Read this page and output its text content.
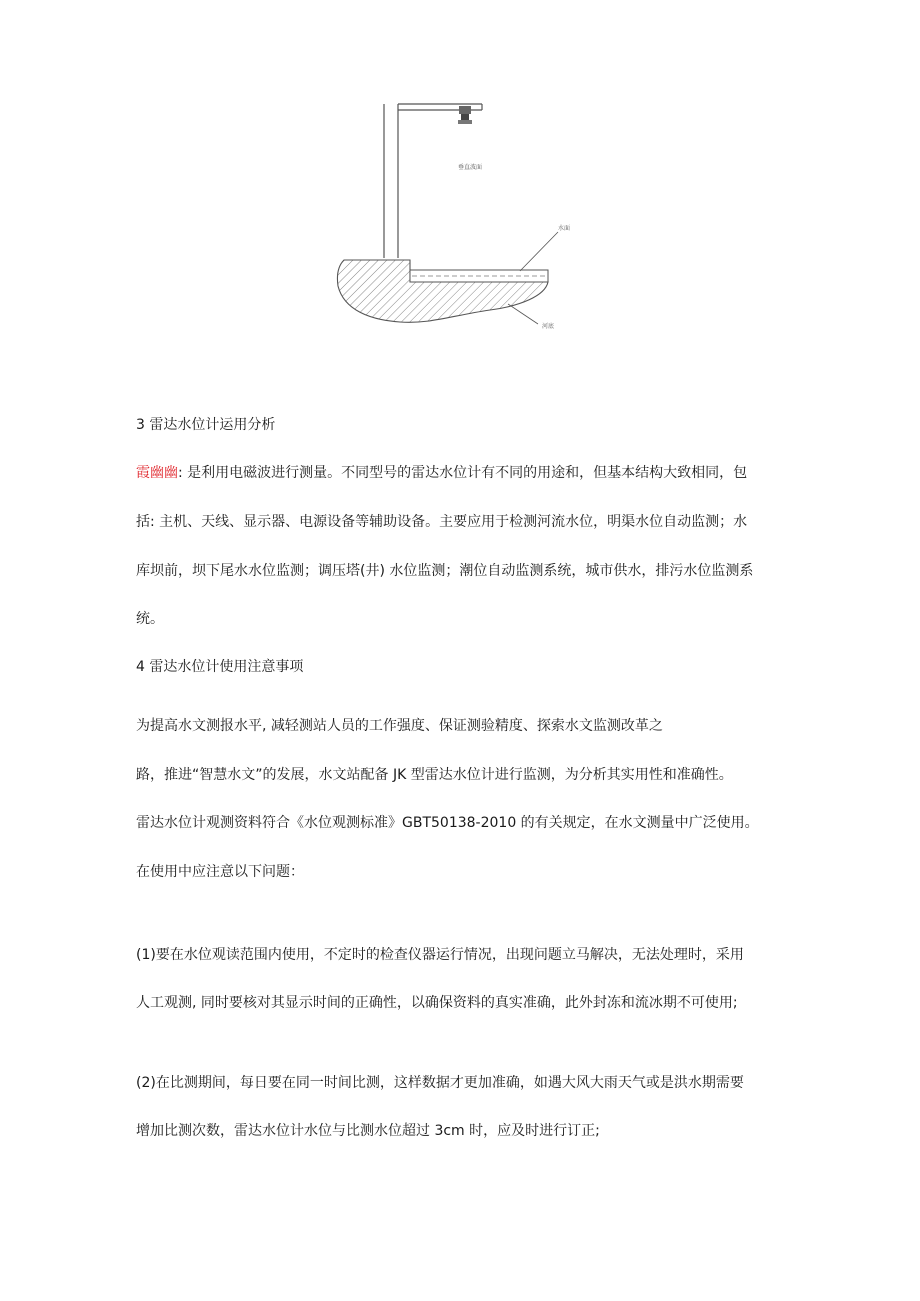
垂直波面
水面
河底
3 雷达水位计运用分析
霞幽幽: 是利用电磁波进行测量。不同型号的雷达水位计有不同的用途和，但基本结构大致相同，包
括: 主机、天线、显示器、电源设备等辅助设备。主要应用于检测河流水位，明渠水位自动监测；水
库坝前，坝下尾水水位监测；调压塔(井) 水位监测；潮位自动监测系统，城市供水，排污水位监测系
统。
4 雷达水位计使用注意事项
为提高水文测报水平, 减轻测站人员的工作强度、保证测验精度、探索水文监测改革之
路，推进“智慧水文”的发展，水文站配备 JK 型雷达水位计进行监测，为分析其实用性和准确性。
雷达水位计观测资料符合《水位观测标准》GBT50138-2010 的有关规定，在水文测量中广泛使用。
在使用中应注意以下问题：
(1)要在水位观读范围内使用，不定时的检查仪器运行情况，出现问题立马解决，无法处理时，采用
人工观测, 同时要核对其显示时间的正确性，以确保资料的真实准确，此外封冻和流冰期不可使用;
(2)在比测期间，每日要在同一时间比测，这样数据才更加准确，如遇大风大雨天气或是洪水期需要
增加比测次数，雷达水位计水位与比测水位超过 3cm 时，应及时进行订正;
